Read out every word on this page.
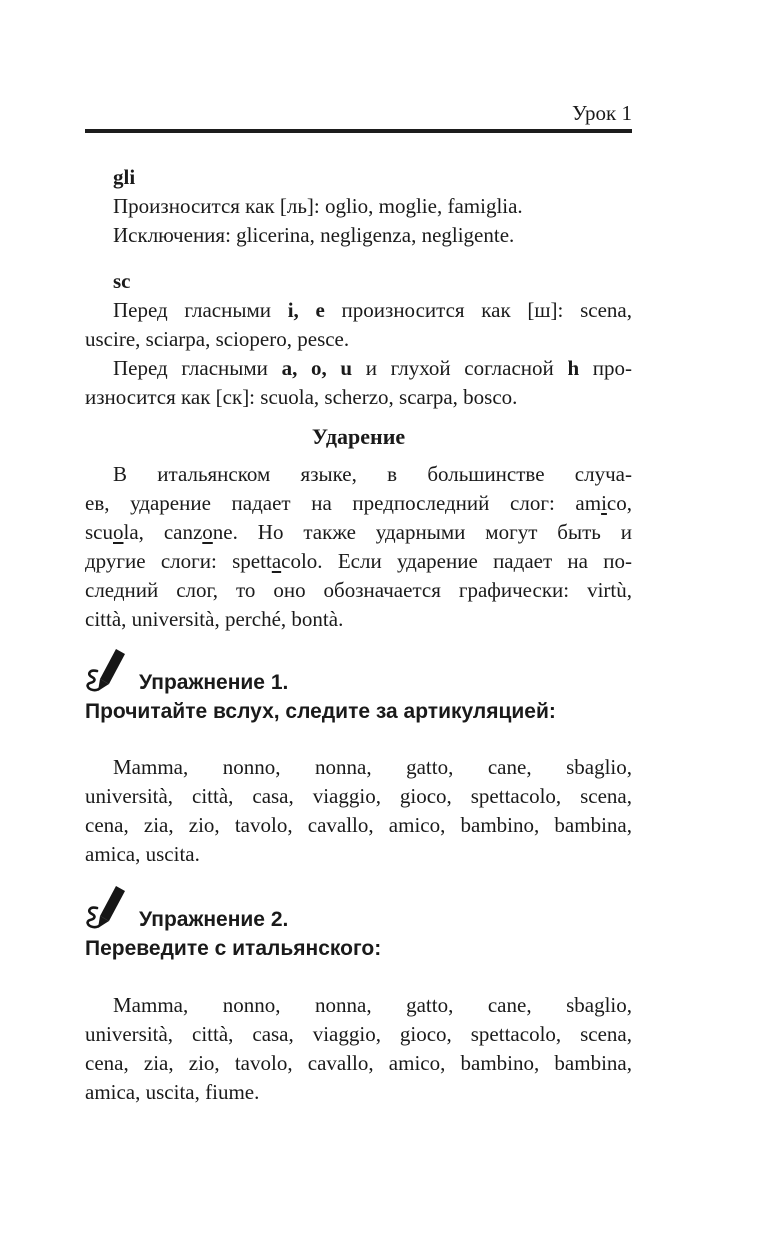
Урок 1
gli
Произносится как [ль]: oglio, moglie, famiglia.
Исключения: glicerina, negligenza, negligente.
sc
Перед гласными i, e произносится как [ш]: scena,
uscire, sciarpa, sciopero, pesce.
Перед гласными a, o, u и глухой согласной h про-
износится как [ск]: scuola, scherzo, scarpa, bosco.
Ударение
В итальянском языке, в большинстве случа-
ев, ударение падает на предпоследний слог: amico,
scuola, canzone. Но также ударными могут быть и
другие слоги: spettacolo. Если ударение падает на по-
следний слог, то оно обозначается графически: virtù,
città, università, perché, bontà.
Упражнение 1.
Прочитайте вслух, следите за артикуляцией:
Mamma, nonno, nonna, gatto, cane, sbaglio,
università, città, casa, viaggio, gioco, spettacolo, scena,
cena, zia, zio, tavolo, cavallo, amico, bambino, bambina,
amica, uscita.
Упражнение 2.
Переведите с итальянского:
Mamma, nonno, nonna, gatto, cane, sbaglio,
università, città, casa, viaggio, gioco, spettacolo, scena,
cena, zia, zio, tavolo, cavallo, amico, bambino, bambina,
amica, uscita, fiume.
